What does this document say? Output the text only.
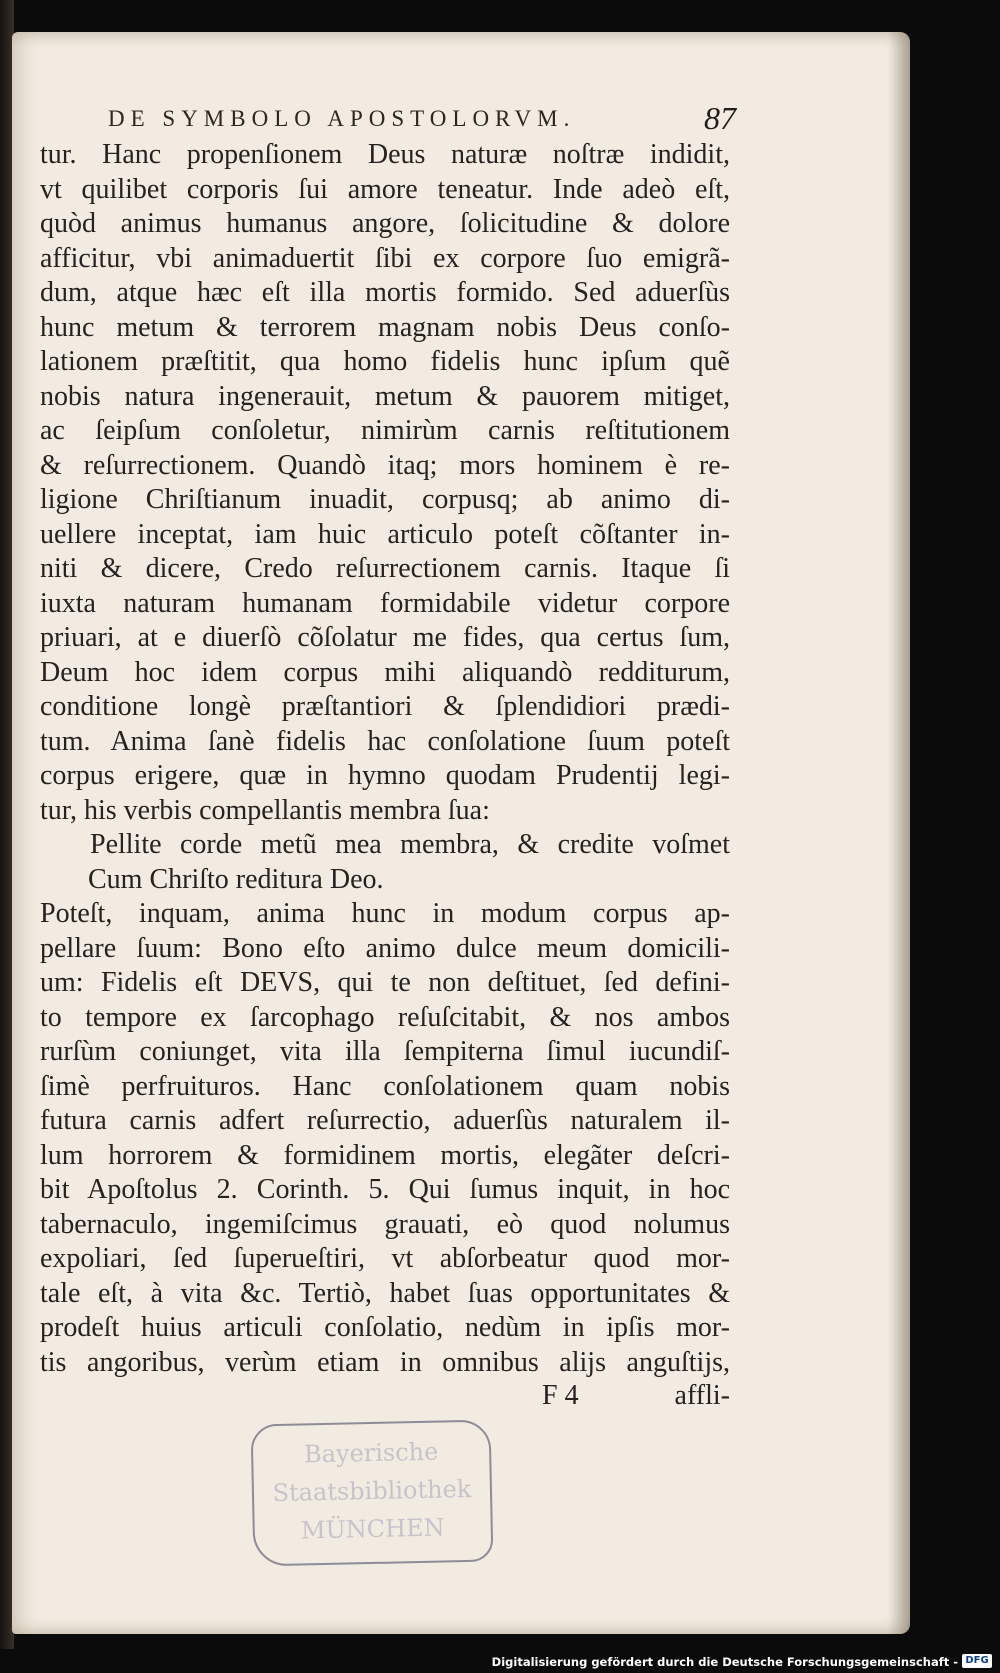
DE SYMBOLO APOSTOLORVM.	87
tur. Hanc propenſionem Deus naturæ noſtræ indidit,
vt quilibet corporis ſui amore teneatur. Inde adeò eſt,
quòd animus humanus angore, ſolicitudine & dolore
afficitur, vbi animaduertit ſibi ex corpore ſuo emigrã-
dum, atque hæc eſt illa mortis formido. Sed aduerſùs
hunc metum & terrorem magnam nobis Deus conſo-
lationem præſtitit, qua homo fidelis hunc ipſum quẽ
nobis natura ingenerauit, metum & pauorem mitiget,
ac ſeipſum conſoletur, nimirùm carnis reſtitutionem
& reſurrectionem. Quandò itaq; mors hominem è re-
ligione Chriſtianum inuadit, corpusq; ab animo di-
uellere inceptat, iam huic articulo poteſt cõſtanter in-
niti & dicere, Credo reſurrectionem carnis. Itaque ſi
iuxta naturam humanam formidabile videtur corpore
priuari, at e diuerſò cõſolatur me fides, qua certus ſum,
Deum hoc idem corpus mihi aliquandò redditurum,
conditione longè præſtantiori & ſplendidiori prædi-
tum. Anima ſanè fidelis hac conſolatione ſuum poteſt
corpus erigere, quæ in hymno quodam Prudentij legi-
tur, his verbis compellantis membra ſua:
Pellite corde metũ mea membra, & credite voſmet
Cum Chriſto reditura Deo.
Poteſt, inquam, anima hunc in modum corpus ap-
pellare ſuum: Bono eſto animo dulce meum domicili-
um: Fidelis eſt DEVS, qui te non deſtituet, ſed defini-
to tempore ex ſarcophago reſuſcitabit, & nos ambos
rurſùm coniunget, vita illa ſempiterna ſimul iucundiſ-
ſimè perfruituros. Hanc conſolationem quam nobis
futura carnis adfert reſurrectio, aduerſùs naturalem il-
lum horrorem & formidinem mortis, elegãter deſcri-
bit Apoſtolus 2. Corinth. 5. Qui ſumus inquit, in hoc
tabernaculo, ingemiſcimus grauati, eò quod nolumus
expoliari, ſed ſuperueſtiri, vt abſorbeatur quod mor-
tale eſt, à vita &c. Tertiò, habet ſuas opportunitates &
prodeſt huius articuli conſolatio, nedùm in ipſis mor-
tis angoribus, verùm etiam in omnibus alijs anguſtijs,
F 4	affli-
Bayerische
Staatsbibliothek
MÜNCHEN
Digitalisierung gefördert durch die Deutsche Forschungsgemeinschaft - DFG
